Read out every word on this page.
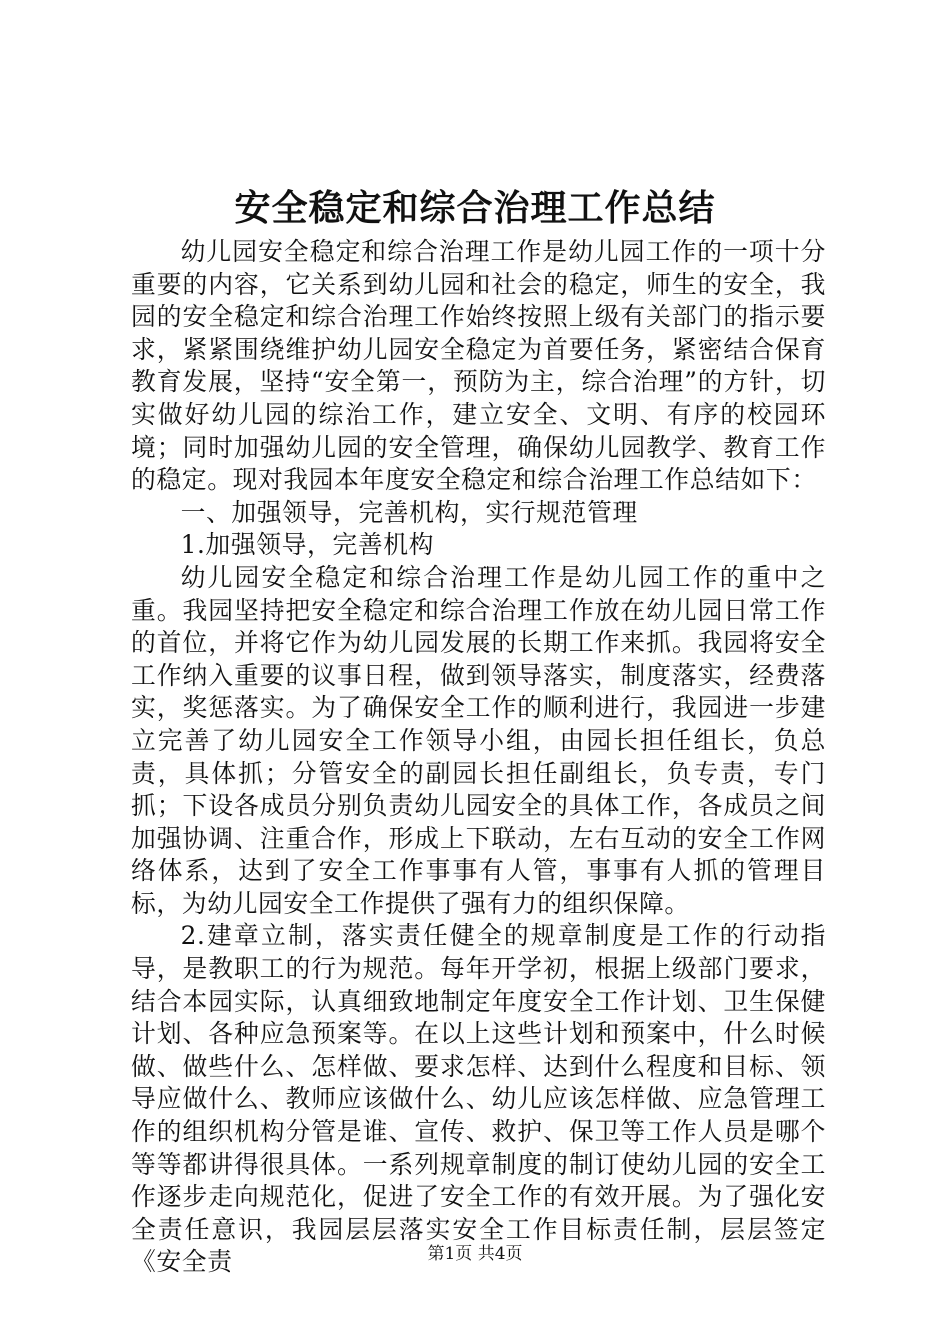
安全稳定和综合治理工作总结

幼儿园安全稳定和综合治理工作是幼儿园工作的一项十分重要的内容，它关系到幼儿园和社会的稳定，师生的安全，我园的安全稳定和综合治理工作始终按照上级有关部门的指示要求，紧紧围绕维护幼儿园安全稳定为首要任务，紧密结合保育教育发展，坚持“安全第一，预防为主，综合治理”的方针，切实做好幼儿园的综治工作，建立安全、文明、有序的校园环境；同时加强幼儿园的安全管理，确保幼儿园教学、教育工作的稳定。现对我园本年度安全稳定和综合治理工作总结如下：

一、加强领导，完善机构，实行规范管理

1.加强领导，完善机构

幼儿园安全稳定和综合治理工作是幼儿园工作的重中之重。我园坚持把安全稳定和综合治理工作放在幼儿园日常工作的首位，并将它作为幼儿园发展的长期工作来抓。我园将安全工作纳入重要的议事日程，做到领导落实，制度落实，经费落实，奖惩落实。为了确保安全工作的顺利进行，我园进一步建立完善了幼儿园安全工作领导小组，由园长担任组长，负总责，具体抓；分管安全的副园长担任副组长，负专责，专门抓；下设各成员分别负责幼儿园安全的具体工作，各成员之间加强协调、注重合作，形成上下联动，左右互动的安全工作网络体系，达到了安全工作事事有人管，事事有人抓的管理目标，为幼儿园安全工作提供了强有力的组织保障。

2.建章立制，落实责任健全的规章制度是工作的行动指导，是教职工的行为规范。每年开学初，根据上级部门要求，结合本园实际，认真细致地制定年度安全工作计划、卫生保健计划、各种应急预案等。在以上这些计划和预案中，什么时候做、做些什么、怎样做、要求怎样、达到什么程度和目标、领导应做什么、教师应该做什么、幼儿应该怎样做、应急管理工作的组织机构分管是谁、宣传、救护、保卫等工作人员是哪个等等都讲得很具体。一系列规章制度的制订使幼儿园的安全工作逐步走向规范化，促进了安全工作的有效开展。为了强化安全责任意识，我园层层落实安全工作目标责任制，层层签定《安全责	第1页 共4页
